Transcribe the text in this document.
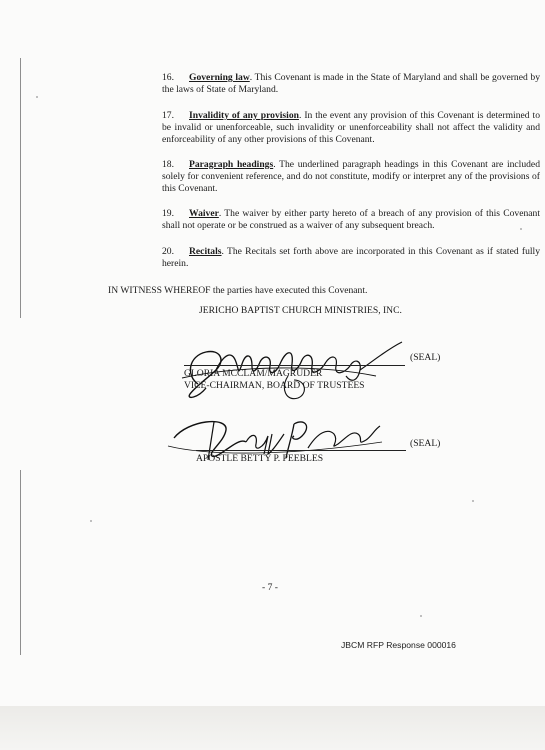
16. Governing law. This Covenant is made in the State of Maryland and shall be governed by the laws of State of Maryland.

17. Invalidity of any provision. In the event any provision of this Covenant is determined to be invalid or unenforceable, such invalidity or unenforceability shall not affect the validity and enforceability of any other provisions of this Covenant.

18. Paragraph headings. The underlined paragraph headings in this Covenant are included solely for convenient reference, and do not constitute, modify or interpret any of the provisions of this Covenant.

19. Waiver. The waiver by either party hereto of a breach of any provision of this Covenant shall not operate or be construed as a waiver of any subsequent breach.

20. Recitals. The Recitals set forth above are incorporated in this Covenant as if stated fully herein.

IN WITNESS WHEREOF the parties have executed this Covenant.
JERICHO BAPTIST CHURCH MINISTRIES, INC.
(SEAL)
GLORIA MCCLAM/MAGRUDER
VICE-CHAIRMAN, BOARD OF TRUSTEES
(SEAL)
APOSTLE BETTY P. PEEBLES
- 7 -
JBCM RFP Response 000016
